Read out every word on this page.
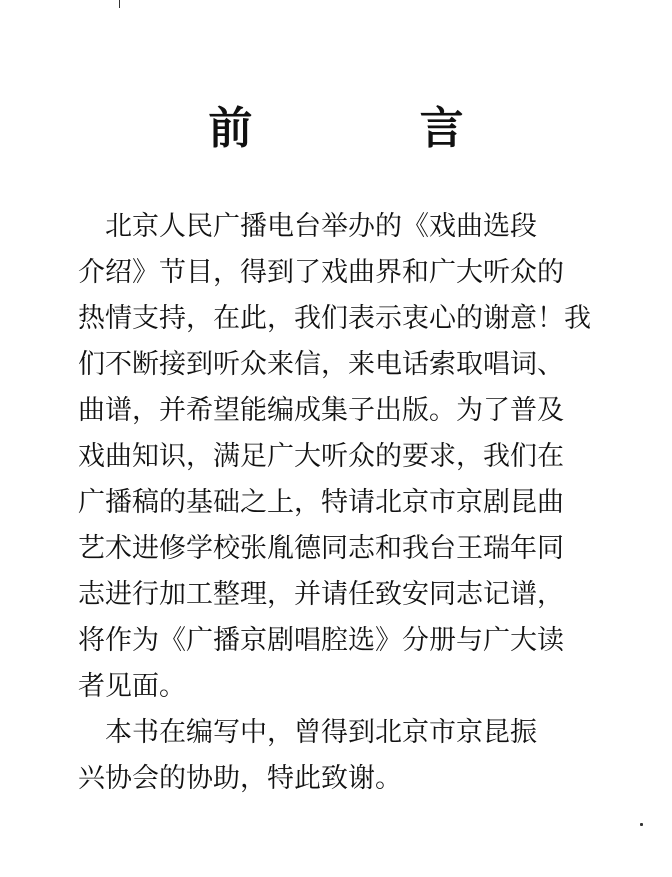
前 言

北京人民广播电台举办的《戏曲选段
介绍》节目，得到了戏曲界和广大听众的
热情支持，在此，我们表示衷心的谢意！我
们不断接到听众来信，来电话索取唱词、
曲谱，并希望能编成集子出版。为了普及
戏曲知识，满足广大听众的要求，我们在
广播稿的基础之上，特请北京市京剧昆曲
艺术进修学校张胤德同志和我台王瑞年同
志进行加工整理，并请任致安同志记谱，
将作为《广播京剧唱腔选》分册与广大读
者见面。

本书在编写中，曾得到北京市京昆振
兴协会的协助，特此致谢。
